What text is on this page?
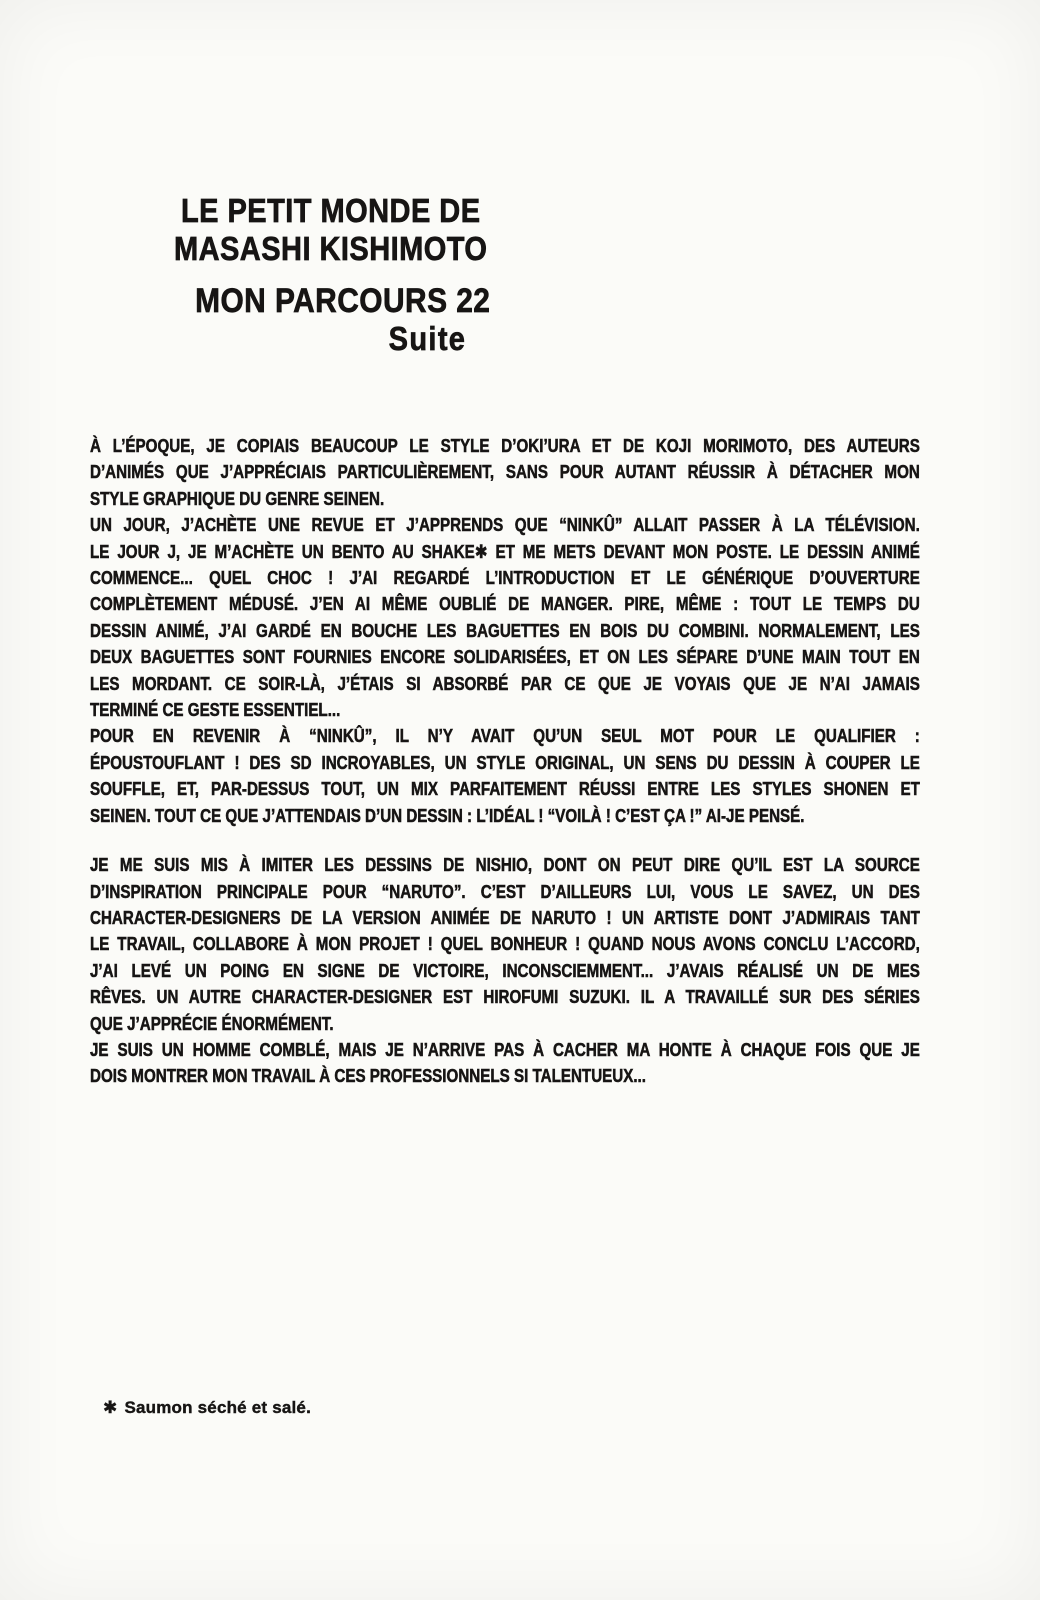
LE PETIT MONDE DE
MASASHI KISHIMOTO
MON PARCOURS 22
Suite
À L’ÉPOQUE, JE COPIAIS BEAUCOUP LE STYLE D’OKI’URA ET DE KOJI MORIMOTO, DES AUTEURS
D’ANIMÉS QUE J’APPRÉCIAIS PARTICULIÈREMENT, SANS POUR AUTANT RÉUSSIR À DÉTACHER MON
STYLE GRAPHIQUE DU GENRE SEINEN.
UN JOUR, J’ACHÈTE UNE REVUE ET J’APPRENDS QUE “NINKÛ” ALLAIT PASSER À LA TÉLÉVISION.
LE JOUR J, JE M’ACHÈTE UN BENTO AU SHAKE✱ ET ME METS DEVANT MON POSTE. LE DESSIN ANIMÉ
COMMENCE... QUEL CHOC ! J’AI REGARDÉ L’INTRODUCTION ET LE GÉNÉRIQUE D’OUVERTURE
COMPLÈTEMENT MÉDUSÉ. J’EN AI MÊME OUBLIÉ DE MANGER. PIRE, MÊME : TOUT LE TEMPS DU
DESSIN ANIMÉ, J’AI GARDÉ EN BOUCHE LES BAGUETTES EN BOIS DU COMBINI. NORMALEMENT, LES
DEUX BAGUETTES SONT FOURNIES ENCORE SOLIDARISÉES, ET ON LES SÉPARE D’UNE MAIN TOUT EN
LES MORDANT. CE SOIR-LÀ, J’ÉTAIS SI ABSORBÉ PAR CE QUE JE VOYAIS QUE JE N’AI JAMAIS
TERMINÉ CE GESTE ESSENTIEL...
POUR EN REVENIR À “NINKÛ”, IL N’Y AVAIT QU’UN SEUL MOT POUR LE QUALIFIER :
ÉPOUSTOUFLANT ! DES SD INCROYABLES, UN STYLE ORIGINAL, UN SENS DU DESSIN À COUPER LE
SOUFFLE, ET, PAR-DESSUS TOUT, UN MIX PARFAITEMENT RÉUSSI ENTRE LES STYLES SHONEN ET
SEINEN. TOUT CE QUE J’ATTENDAIS D’UN DESSIN : L’IDÉAL ! “VOILÀ ! C’EST ÇA !” AI-JE PENSÉ.
JE ME SUIS MIS À IMITER LES DESSINS DE NISHIO, DONT ON PEUT DIRE QU’IL EST LA SOURCE
D’INSPIRATION PRINCIPALE POUR “NARUTO”. C’EST D’AILLEURS LUI, VOUS LE SAVEZ, UN DES
CHARACTER-DESIGNERS DE LA VERSION ANIMÉE DE NARUTO ! UN ARTISTE DONT J’ADMIRAIS TANT
LE TRAVAIL, COLLABORE À MON PROJET ! QUEL BONHEUR ! QUAND NOUS AVONS CONCLU L’ACCORD,
J’AI LEVÉ UN POING EN SIGNE DE VICTOIRE, INCONSCIEMMENT... J’AVAIS RÉALISÉ UN DE MES
RÊVES. UN AUTRE CHARACTER-DESIGNER EST HIROFUMI SUZUKI. IL A TRAVAILLÉ SUR DES SÉRIES
QUE J’APPRÉCIE ÉNORMÉMENT.
JE SUIS UN HOMME COMBLÉ, MAIS JE N’ARRIVE PAS À CACHER MA HONTE À CHAQUE FOIS QUE JE
DOIS MONTRER MON TRAVAIL À CES PROFESSIONNELS SI TALENTUEUX...
✱ Saumon séché et salé.
